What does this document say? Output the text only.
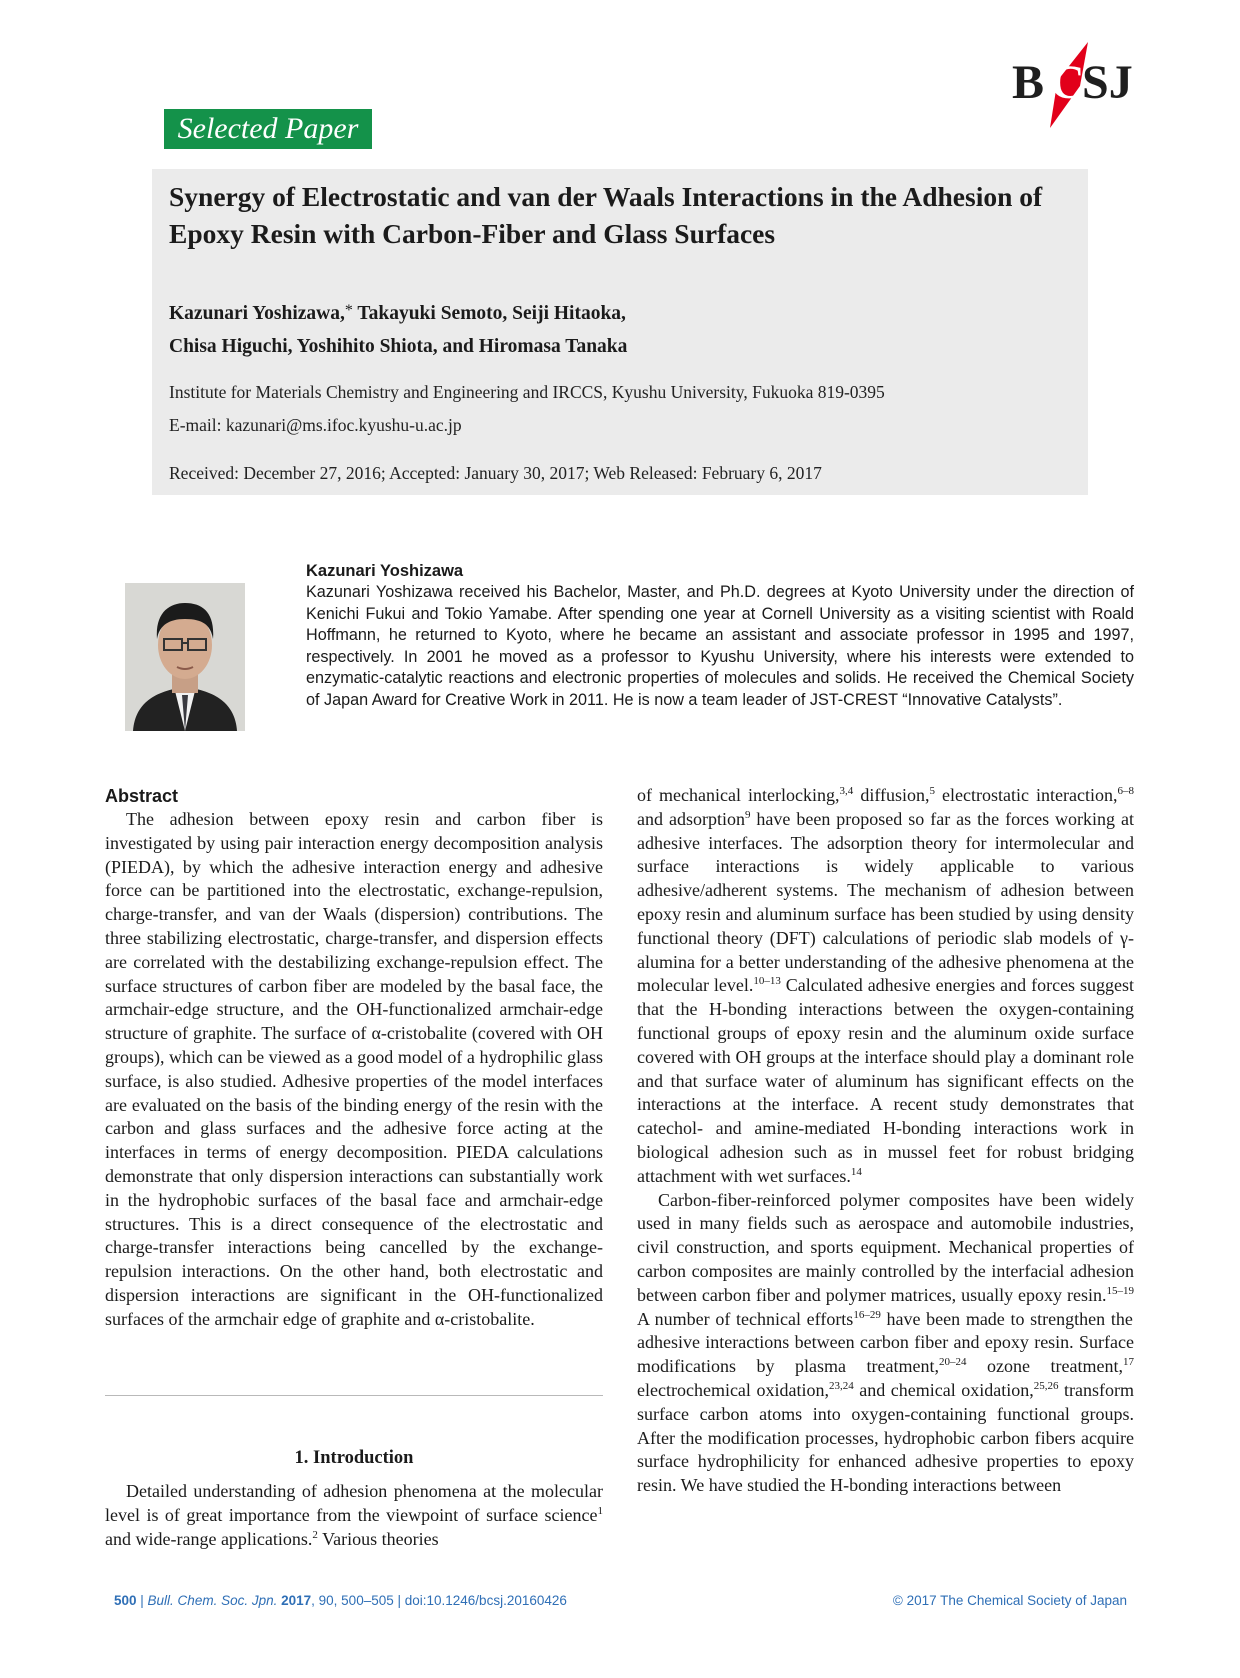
B C
SJ
Selected Paper
Synergy of Electrostatic and van der Waals Interactions in the Adhesion of Epoxy Resin with Carbon-Fiber and Glass Surfaces
Kazunari Yoshizawa,* Takayuki Semoto, Seiji Hitaoka,
Chisa Higuchi, Yoshihito Shiota, and Hiromasa Tanaka
Institute for Materials Chemistry and Engineering and IRCCS, Kyushu University, Fukuoka 819-0395
E-mail: kazunari@ms.ifoc.kyushu-u.ac.jp
Received: December 27, 2016; Accepted: January 30, 2017; Web Released: February 6, 2017
Kazunari Yoshizawa
Kazunari Yoshizawa received his Bachelor, Master, and Ph.D. degrees at Kyoto University under the direction of Kenichi Fukui and Tokio Yamabe. After spending one year at Cornell University as a visiting scientist with Roald Hoffmann, he returned to Kyoto, where he became an assistant and associate professor in 1995 and 1997, respectively. In 2001 he moved as a professor to Kyushu University, where his interests were extended to enzymatic-catalytic reactions and electronic properties of molecules and solids. He received the Chemical Society of Japan Award for Creative Work in 2011. He is now a team leader of JST-CREST “Innovative Catalysts”.
Abstract

The adhesion between epoxy resin and carbon fiber is investigated by using pair interaction energy decomposition analysis (PIEDA), by which the adhesive interaction energy and adhesive force can be partitioned into the electrostatic, exchange-repulsion, charge-transfer, and van der Waals (dispersion) contributions. The three stabilizing electrostatic, charge-transfer, and dispersion effects are correlated with the destabilizing exchange-repulsion effect. The surface structures of carbon fiber are modeled by the basal face, the armchair-edge structure, and the OH-functionalized armchair-edge structure of graphite. The surface of α-cristobalite (covered with OH groups), which can be viewed as a good model of a hydrophilic glass surface, is also studied. Adhesive properties of the model interfaces are evaluated on the basis of the binding energy of the resin with the carbon and glass surfaces and the adhesive force acting at the interfaces in terms of energy decomposition. PIEDA calculations demonstrate that only dispersion interactions can substantially work in the hydrophobic surfaces of the basal face and armchair-edge structures. This is a direct consequence of the electrostatic and charge-transfer interactions being cancelled by the exchange-repulsion interactions. On the other hand, both electrostatic and dispersion interactions are significant in the OH-functionalized surfaces of the armchair edge of graphite and α-cristobalite.

1. Introduction

Detailed understanding of adhesion phenomena at the molecular level is of great importance from the viewpoint of surface science$^1$ and wide-range applications.$^2$ Various theories

of mechanical interlocking,$^{3,4}$ diffusion,$^5$ electrostatic interaction,$^{6-8}$ and adsorption$^9$ have been proposed so far as the forces working at adhesive interfaces. The adsorption theory for intermolecular and surface interactions is widely applicable to various adhesive/adherent systems. The mechanism of adhesion between epoxy resin and aluminum surface has been studied by using density functional theory (DFT) calculations of periodic slab models of γ-alumina for a better understanding of the adhesive phenomena at the molecular level.$^{10-13}$ Calculated adhesive energies and forces suggest that the H-bonding interactions between the oxygen-containing functional groups of epoxy resin and the aluminum oxide surface covered with OH groups at the interface should play a dominant role and that surface water of aluminum has significant effects on the interactions at the interface. A recent study demonstrates that catechol- and amine-mediated H-bonding interactions work in biological adhesion such as in mussel feet for robust bridging attachment with wet surfaces.$^{14}$

Carbon-fiber-reinforced polymer composites have been widely used in many fields such as aerospace and automobile industries, civil construction, and sports equipment. Mechanical properties of carbon composites are mainly controlled by the interfacial adhesion between carbon fiber and polymer matrices, usually epoxy resin.$^{15-19}$ A number of technical efforts$^{16-29}$ have been made to strengthen the adhesive interactions between carbon fiber and epoxy resin. Surface modifications by plasma treatment,$^{20-24}$ ozone treatment,$^{17}$ electrochemical oxidation,$^{23,24}$ and chemical oxidation,$^{25,26}$ transform surface carbon atoms into oxygen-containing functional groups. After the modification processes, hydrophobic carbon fibers acquire surface hydrophilicity for enhanced adhesive properties to epoxy resin. We have studied the H-bonding interactions between

500 | Bull. Chem. Soc. Jpn. 2017, 90, 500–505 | doi:10.1246/bcsj.20160426	© 2017 The Chemical Society of Japan
